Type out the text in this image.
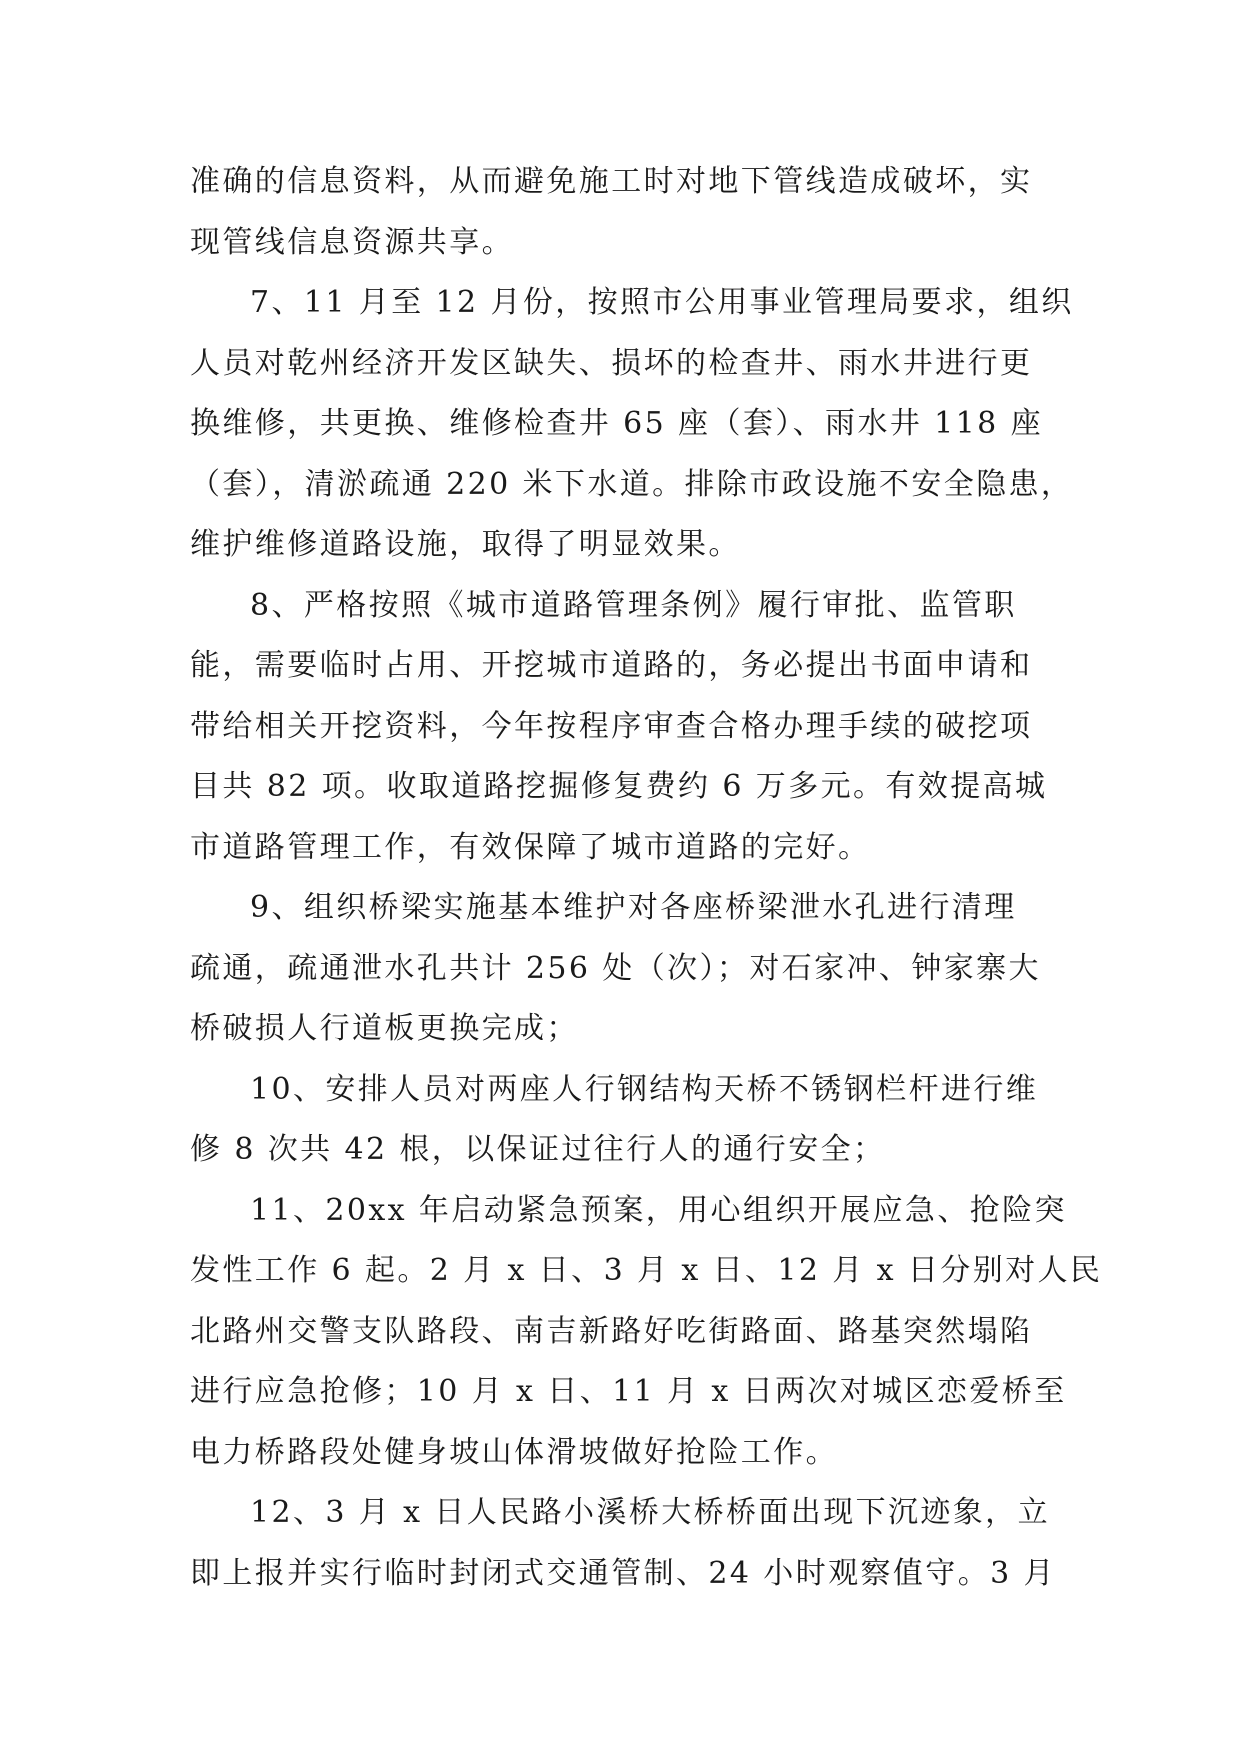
准确的信息资料，从而避免施工时对地下管线造成破坏，实
现管线信息资源共享。
7、11 月至 12 月份，按照市公用事业管理局要求，组织
人员对乾州经济开发区缺失、损坏的检查井、雨水井进行更
换维修，共更换、维修检查井 65 座（套）、雨水井 118 座
（套），清淤疏通 220 米下水道。排除市政设施不安全隐患，
维护维修道路设施，取得了明显效果。
8、严格按照《城市道路管理条例》履行审批、监管职
能，需要临时占用、开挖城市道路的，务必提出书面申请和
带给相关开挖资料，今年按程序审查合格办理手续的破挖项
目共 82 项。收取道路挖掘修复费约 6 万多元。有效提高城
市道路管理工作，有效保障了城市道路的完好。
9、组织桥梁实施基本维护对各座桥梁泄水孔进行清理
疏通，疏通泄水孔共计 256 处（次）；对石家冲、钟家寨大
桥破损人行道板更换完成；
10、安排人员对两座人行钢结构天桥不锈钢栏杆进行维
修 8 次共 42 根，以保证过往行人的通行安全；
11、20xx 年启动紧急预案，用心组织开展应急、抢险突
发性工作 6 起。2 月 x 日、3 月 x 日、12 月 x 日分别对人民
北路州交警支队路段、南吉新路好吃街路面、路基突然塌陷
进行应急抢修；10 月 x 日、11 月 x 日两次对城区恋爱桥至
电力桥路段处健身坡山体滑坡做好抢险工作。
12、3 月 x 日人民路小溪桥大桥桥面出现下沉迹象，立
即上报并实行临时封闭式交通管制、24 小时观察值守。3 月
